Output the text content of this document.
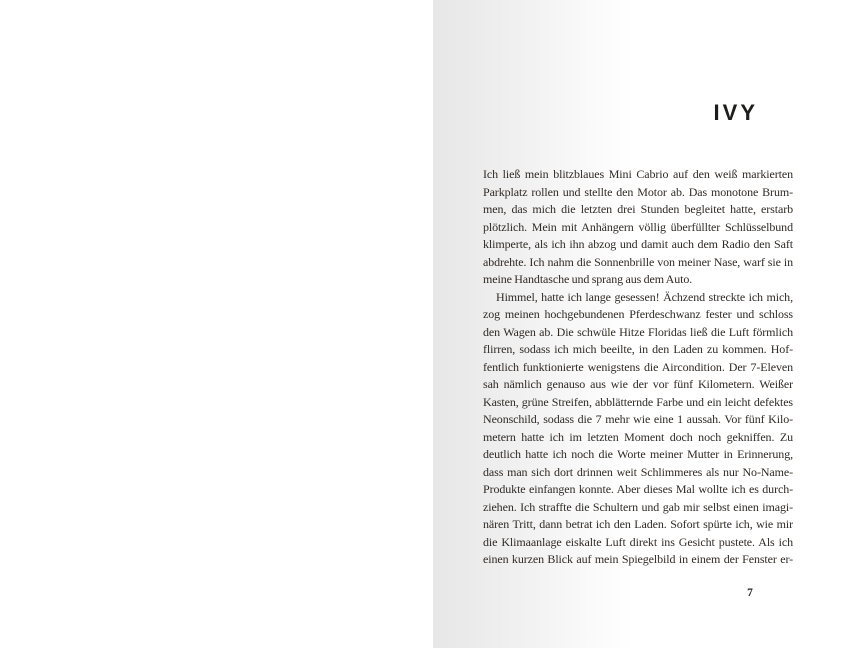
IVY
Ich ließ mein blitzblaues Mini Cabrio auf den weiß markierten
Parkplatz rollen und stellte den Motor ab. Das monotone Brum-
men, das mich die letzten drei Stunden begleitet hatte, erstarb
plötzlich. Mein mit Anhängern völlig überfüllter Schlüsselbund
klimperte, als ich ihn abzog und damit auch dem Radio den Saft
abdrehte. Ich nahm die Sonnenbrille von meiner Nase, warf sie in
meine Handtasche und sprang aus dem Auto.
Himmel, hatte ich lange gesessen! Ächzend streckte ich mich,
zog meinen hochgebundenen Pferdeschwanz fester und schloss
den Wagen ab. Die schwüle Hitze Floridas ließ die Luft förmlich
flirren, sodass ich mich beeilte, in den Laden zu kommen. Hof-
fentlich funktionierte wenigstens die Aircondition. Der 7-Eleven
sah nämlich genauso aus wie der vor fünf Kilometern. Weißer
Kasten, grüne Streifen, abblätternde Farbe und ein leicht defektes
Neonschild, sodass die 7 mehr wie eine 1 aussah. Vor fünf Kilo-
metern hatte ich im letzten Moment doch noch gekniffen. Zu
deutlich hatte ich noch die Worte meiner Mutter in Erinnerung,
dass man sich dort drinnen weit Schlimmeres als nur No-Name-
Produkte einfangen konnte. Aber dieses Mal wollte ich es durch-
ziehen. Ich straffte die Schultern und gab mir selbst einen imagi-
nären Tritt, dann betrat ich den Laden. Sofort spürte ich, wie mir
die Klimaanlage eiskalte Luft direkt ins Gesicht pustete. Als ich
einen kurzen Blick auf mein Spiegelbild in einem der Fenster er-
7
